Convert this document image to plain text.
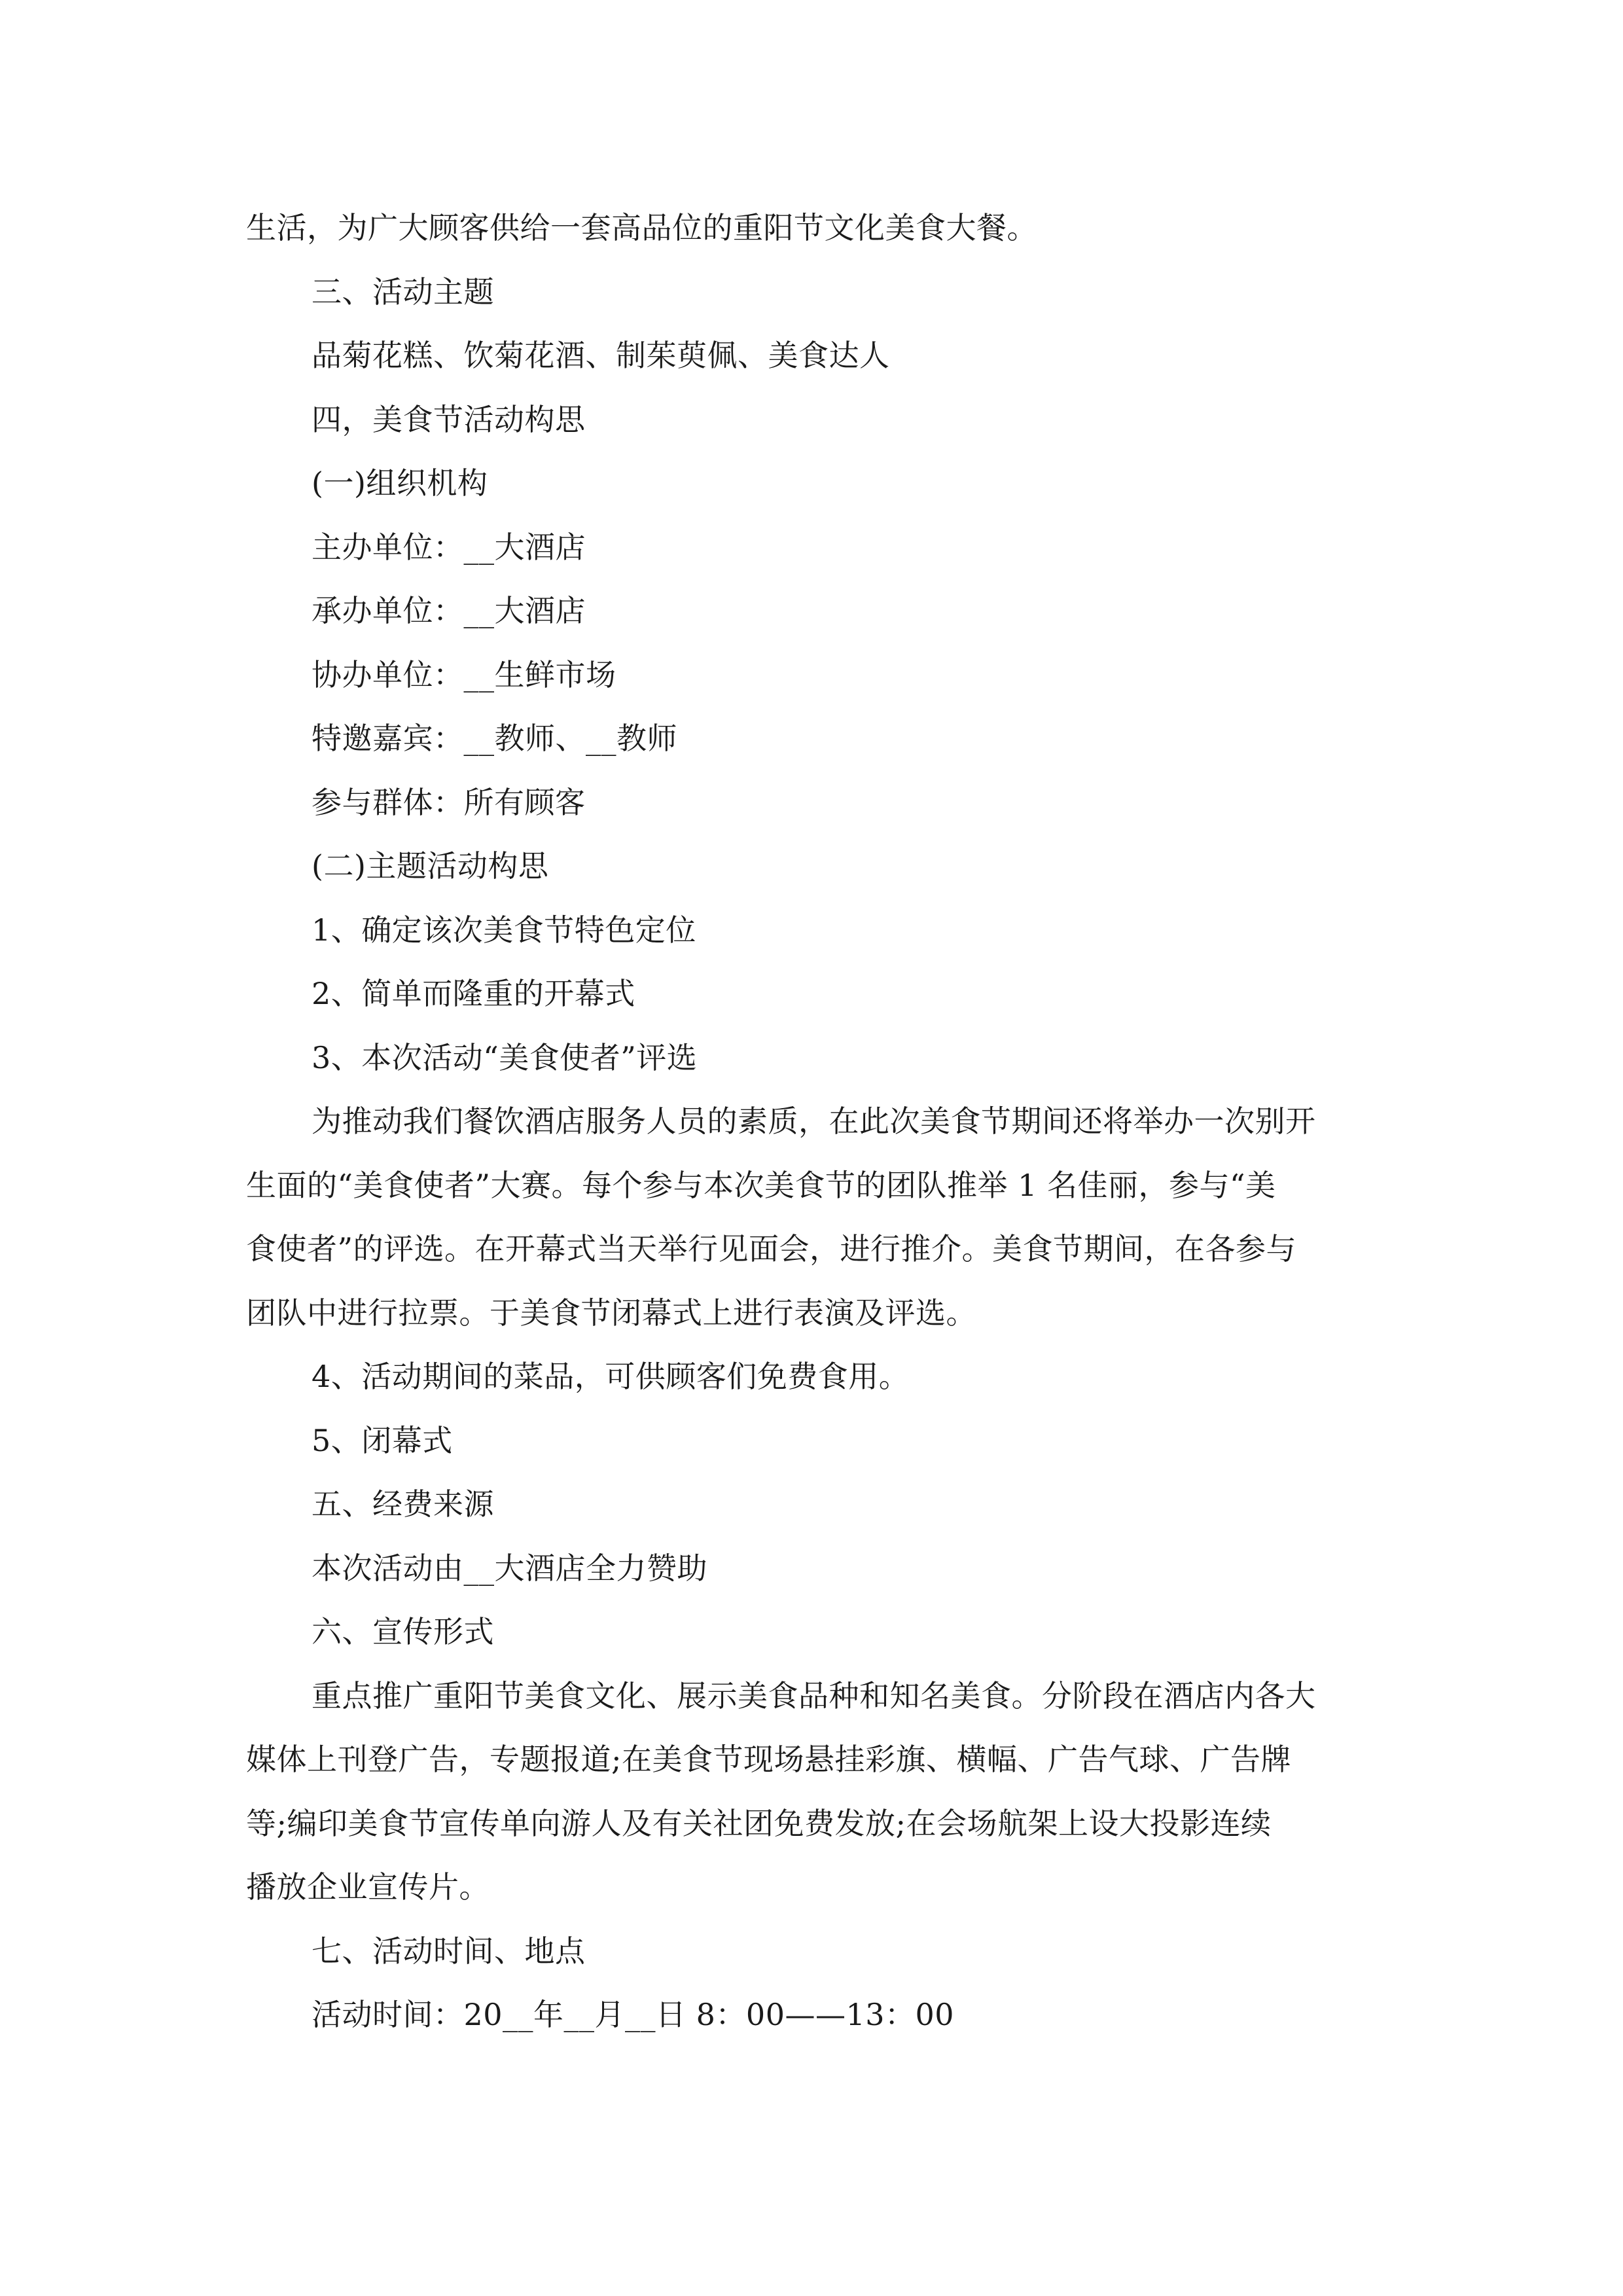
生活，为广大顾客供给一套高品位的重阳节文化美食大餐。
三、活动主题
品菊花糕、饮菊花酒、制茱萸佩、美食达人
四，美食节活动构思
(一)组织机构
主办单位：__大酒店
承办单位：__大酒店
协办单位：__生鲜市场
特邀嘉宾：__教师、__教师
参与群体：所有顾客
(二)主题活动构思
1、确定该次美食节特色定位
2、简单而隆重的开幕式
3、本次活动“美食使者”评选
为推动我们餐饮酒店服务人员的素质，在此次美食节期间还将举办一次别开
生面的“美食使者”大赛。每个参与本次美食节的团队推举 1 名佳丽，参与“美
食使者”的评选。在开幕式当天举行见面会，进行推介。美食节期间，在各参与
团队中进行拉票。于美食节闭幕式上进行表演及评选。
4、活动期间的菜品，可供顾客们免费食用。
5、闭幕式
五、经费来源
本次活动由__大酒店全力赞助
六、宣传形式
重点推广重阳节美食文化、展示美食品种和知名美食。分阶段在酒店内各大
媒体上刊登广告，专题报道;在美食节现场悬挂彩旗、横幅、广告气球、广告牌
等;编印美食节宣传单向游人及有关社团免费发放;在会场航架上设大投影连续
播放企业宣传片。
七、活动时间、地点
活动时间：20__年__月__日 8：00——13：00
